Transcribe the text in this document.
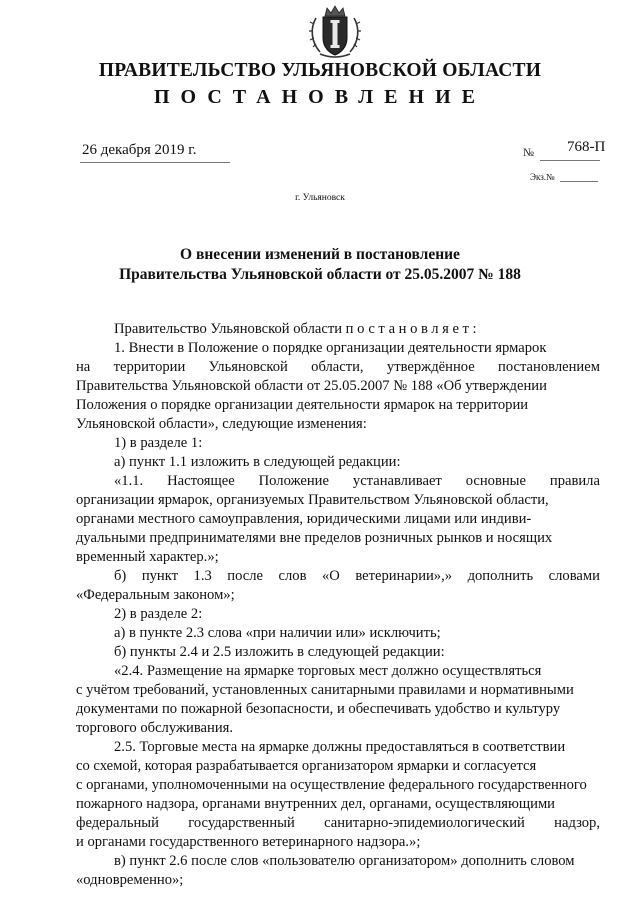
ПРАВИТЕЛЬСТВО УЛЬЯНОВСКОЙ ОБЛАСТИ
ПОСТАНОВЛЕНИЕ
26 декабря 2019 г.	№ 768-П
Экз.№
г. Ульяновск
О внесении изменений в постановление
Правительства Ульяновской области от 25.05.2007 № 188
Правительство Ульяновской области постановляет:
1. Внести в Положение о порядке организации деятельности ярмарок
на территории Ульяновской области, утверждённое постановлением
Правительства Ульяновской области от 25.05.2007 № 188 «Об утверждении
Положения о порядке организации деятельности ярмарок на территории
Ульяновской области», следующие изменения:
1) в разделе 1:
а) пункт 1.1 изложить в следующей редакции:
«1.1. Настоящее Положение устанавливает основные правила
организации ярмарок, организуемых Правительством Ульяновской области,
органами местного самоуправления, юридическими лицами или индиви-
дуальными предпринимателями вне пределов розничных рынков и носящих
временный характер.»;
б) пункт 1.3 после слов «О ветеринарии»,» дополнить словами
«Федеральным законом»;
2) в разделе 2:
а) в пункте 2.3 слова «при наличии или» исключить;
б) пункты 2.4 и 2.5 изложить в следующей редакции:
«2.4. Размещение на ярмарке торговых мест должно осуществляться
с учётом требований, установленных санитарными правилами и нормативными
документами по пожарной безопасности, и обеспечивать удобство и культуру
торгового обслуживания.
2.5. Торговые места на ярмарке должны предоставляться в соответствии
со схемой, которая разрабатывается организатором ярмарки и согласуется
с органами, уполномоченными на осуществление федерального государственного
пожарного надзора, органами внутренних дел, органами, осуществляющими
федеральный государственный санитарно-эпидемиологический надзор,
и органами государственного ветеринарного надзора.»;
в) пункт 2.6 после слов «пользователю организатором» дополнить словом
«одновременно»;
